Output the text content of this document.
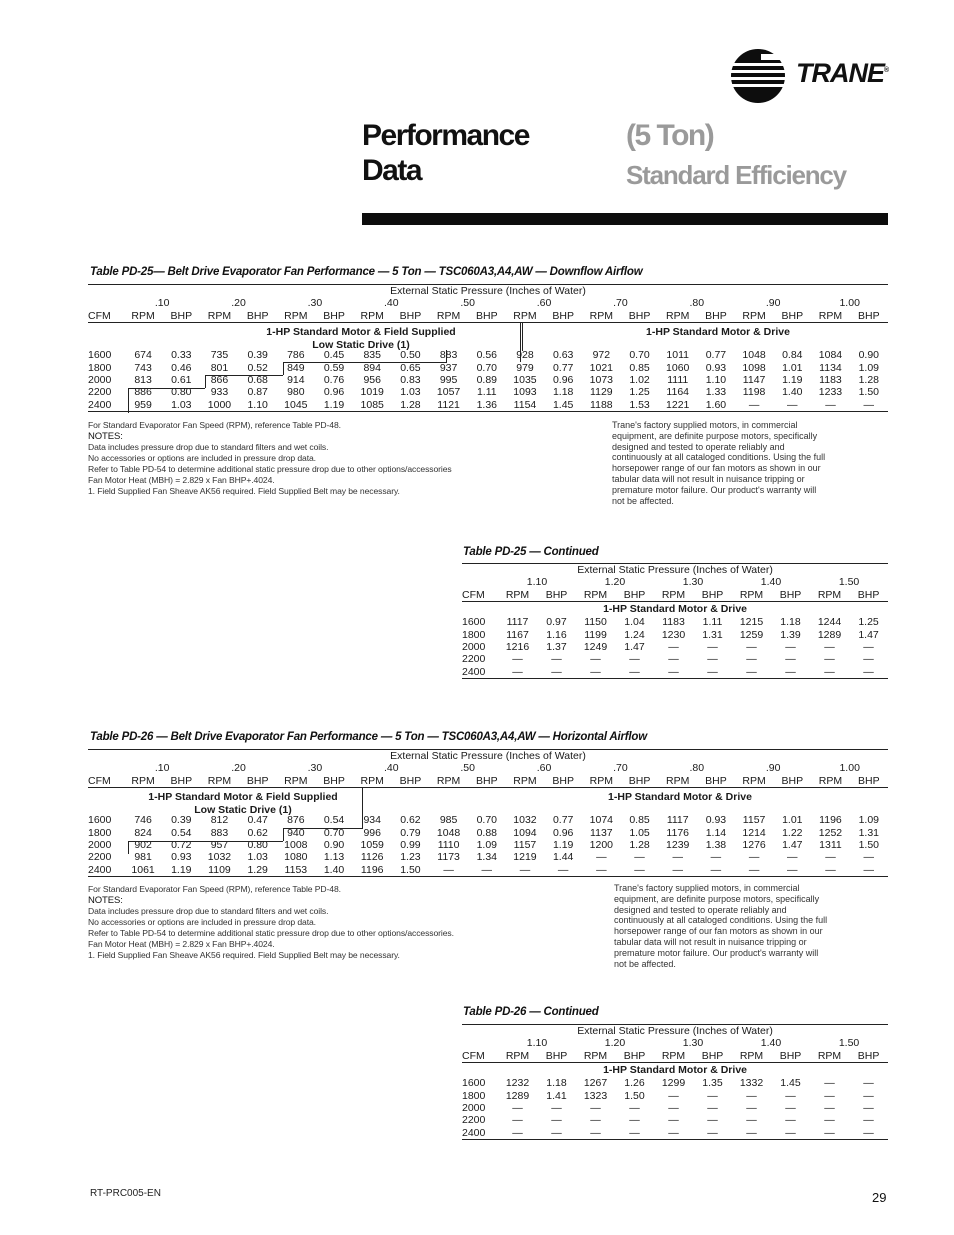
TRANE®
Performance
Data
(5 Ton)
Standard Efficiency
Table PD-25— Belt Drive Evaporator Fan Performance — 5 Ton — TSC060A3,A4,AW — Downflow Airflow
External Static Pressure (Inches of Water)																				
	.10		.20		.30		.40		.50		.60		.70		.80		.90		1.00	
CFM	RPM	BHP	RPM	BHP	RPM	BHP	RPM	BHP	RPM	BHP	RPM	BHP	RPM	BHP	RPM	BHP	RPM	BHP	RPM	BHP

1600	674	0.33	735	0.39	786	0.45	835	0.50	883	0.56	928	0.63	972	0.70	1011	0.77	1048	0.84	1084	0.90
1800	743	0.46	801	0.52	849	0.59	894	0.65	937	0.70	979	0.77	1021	0.85	1060	0.93	1098	1.01	1134	1.09
2000	813	0.61	866	0.68	914	0.76	956	0.83	995	0.89	1035	0.96	1073	1.02	1111	1.10	1147	1.19	1183	1.28
2200	886	0.80	933	0.87	980	0.96	1019	1.03	1057	1.11	1093	1.18	1129	1.25	1164	1.33	1198	1.40	1233	1.50
2400	959	1.03	1000	1.10	1045	1.19	1085	1.28	1121	1.36	1154	1.45	1188	1.53	1221	1.60	—	—	—	—
1-HP Standard Motor & Field Supplied
Low Static Drive (1)
1-HP Standard Motor & Drive
For Standard Evaporator Fan Speed (RPM), reference Table PD-48.
NOTES:
Data includes pressure drop due to standard filters and wet coils.
No accessories or options are included in pressure drop data.
Refer to Table PD-54 to determine additional static pressure drop due to other options/accessories
Fan Motor Heat (MBH) = 2.829 x Fan BHP+.4024.
1. Field Supplied Fan Sheave AK56 required. Field Supplied Belt may be necessary.
Trane's factory supplied motors, in commercial equipment, are definite purpose motors, specifically designed and tested to operate reliably and continuously at all cataloged conditions. Using the full horsepower range of our fan motors as shown in our tabular data will not result in nuisance tripping or premature motor failure. Our product's warranty will not be affected.
Table PD-25 — Continued
External Static Pressure (Inches of Water)										
	1.10		1.20		1.30		1.40		1.50	
CFM	RPM	BHP	RPM	BHP	RPM	BHP	RPM	BHP	RPM	BHP
1-HP Standard Motor & Drive										
1600	1117	0.97	1150	1.04	1183	1.11	1215	1.18	1244	1.25
1800	1167	1.16	1199	1.24	1230	1.31	1259	1.39	1289	1.47
2000	1216	1.37	1249	1.47	—	—	—	—	—	—
2200	—	—	—	—	—	—	—	—	—	—
2400	—	—	—	—	—	—	—	—	—	—
Table PD-26 — Belt Drive Evaporator Fan Performance — 5 Ton — TSC060A3,A4,AW — Horizontal Airflow
External Static Pressure (Inches of Water)																				
	.10		.20		.30		.40		.50		.60		.70		.80		.90		1.00	
CFM	RPM	BHP	RPM	BHP	RPM	BHP	RPM	BHP	RPM	BHP	RPM	BHP	RPM	BHP	RPM	BHP	RPM	BHP	RPM	BHP

1600	746	0.39	812	0.47	876	0.54	934	0.62	985	0.70	1032	0.77	1074	0.85	1117	0.93	1157	1.01	1196	1.09
1800	824	0.54	883	0.62	940	0.70	996	0.79	1048	0.88	1094	0.96	1137	1.05	1176	1.14	1214	1.22	1252	1.31
2000	902	0.72	957	0.80	1008	0.90	1059	0.99	1110	1.09	1157	1.19	1200	1.28	1239	1.38	1276	1.47	1311	1.50
2200	981	0.93	1032	1.03	1080	1.13	1126	1.23	1173	1.34	1219	1.44	—	—	—	—	—	—	—	—
2400	1061	1.19	1109	1.29	1153	1.40	1196	1.50	—	—	—	—	—	—	—	—	—	—	—	—
1-HP Standard Motor & Field Supplied
Low Static Drive (1)
1-HP Standard Motor & Drive
For Standard Evaporator Fan Speed (RPM), reference Table PD-48.
NOTES:
Data includes pressure drop due to standard filters and wet coils.
No accessories or options are included in pressure drop data.
Refer to Table PD-54 to determine additional static pressure drop due to other options/accessories.
Fan Motor Heat (MBH) = 2.829 x Fan BHP+.4024.
1. Field Supplied Fan Sheave AK56 required. Field Supplied Belt may be necessary.
Trane's factory supplied motors, in commercial equipment, are definite purpose motors, specifically designed and tested to operate reliably and continuously at all cataloged conditions. Using the full horsepower range of our fan motors as shown in our tabular data will not result in nuisance tripping or premature motor failure. Our product's warranty will not be affected.
Table PD-26 — Continued
External Static Pressure (Inches of Water)										
	1.10		1.20		1.30		1.40		1.50	
CFM	RPM	BHP	RPM	BHP	RPM	BHP	RPM	BHP	RPM	BHP
1-HP Standard Motor & Drive										
1600	1232	1.18	1267	1.26	1299	1.35	1332	1.45	—	—
1800	1289	1.41	1323	1.50	—	—	—	—	—	—
2000	—	—	—	—	—	—	—	—	—	—
2200	—	—	—	—	—	—	—	—	—	—
2400	—	—	—	—	—	—	—	—	—	—
RT-PRC005-EN	29
